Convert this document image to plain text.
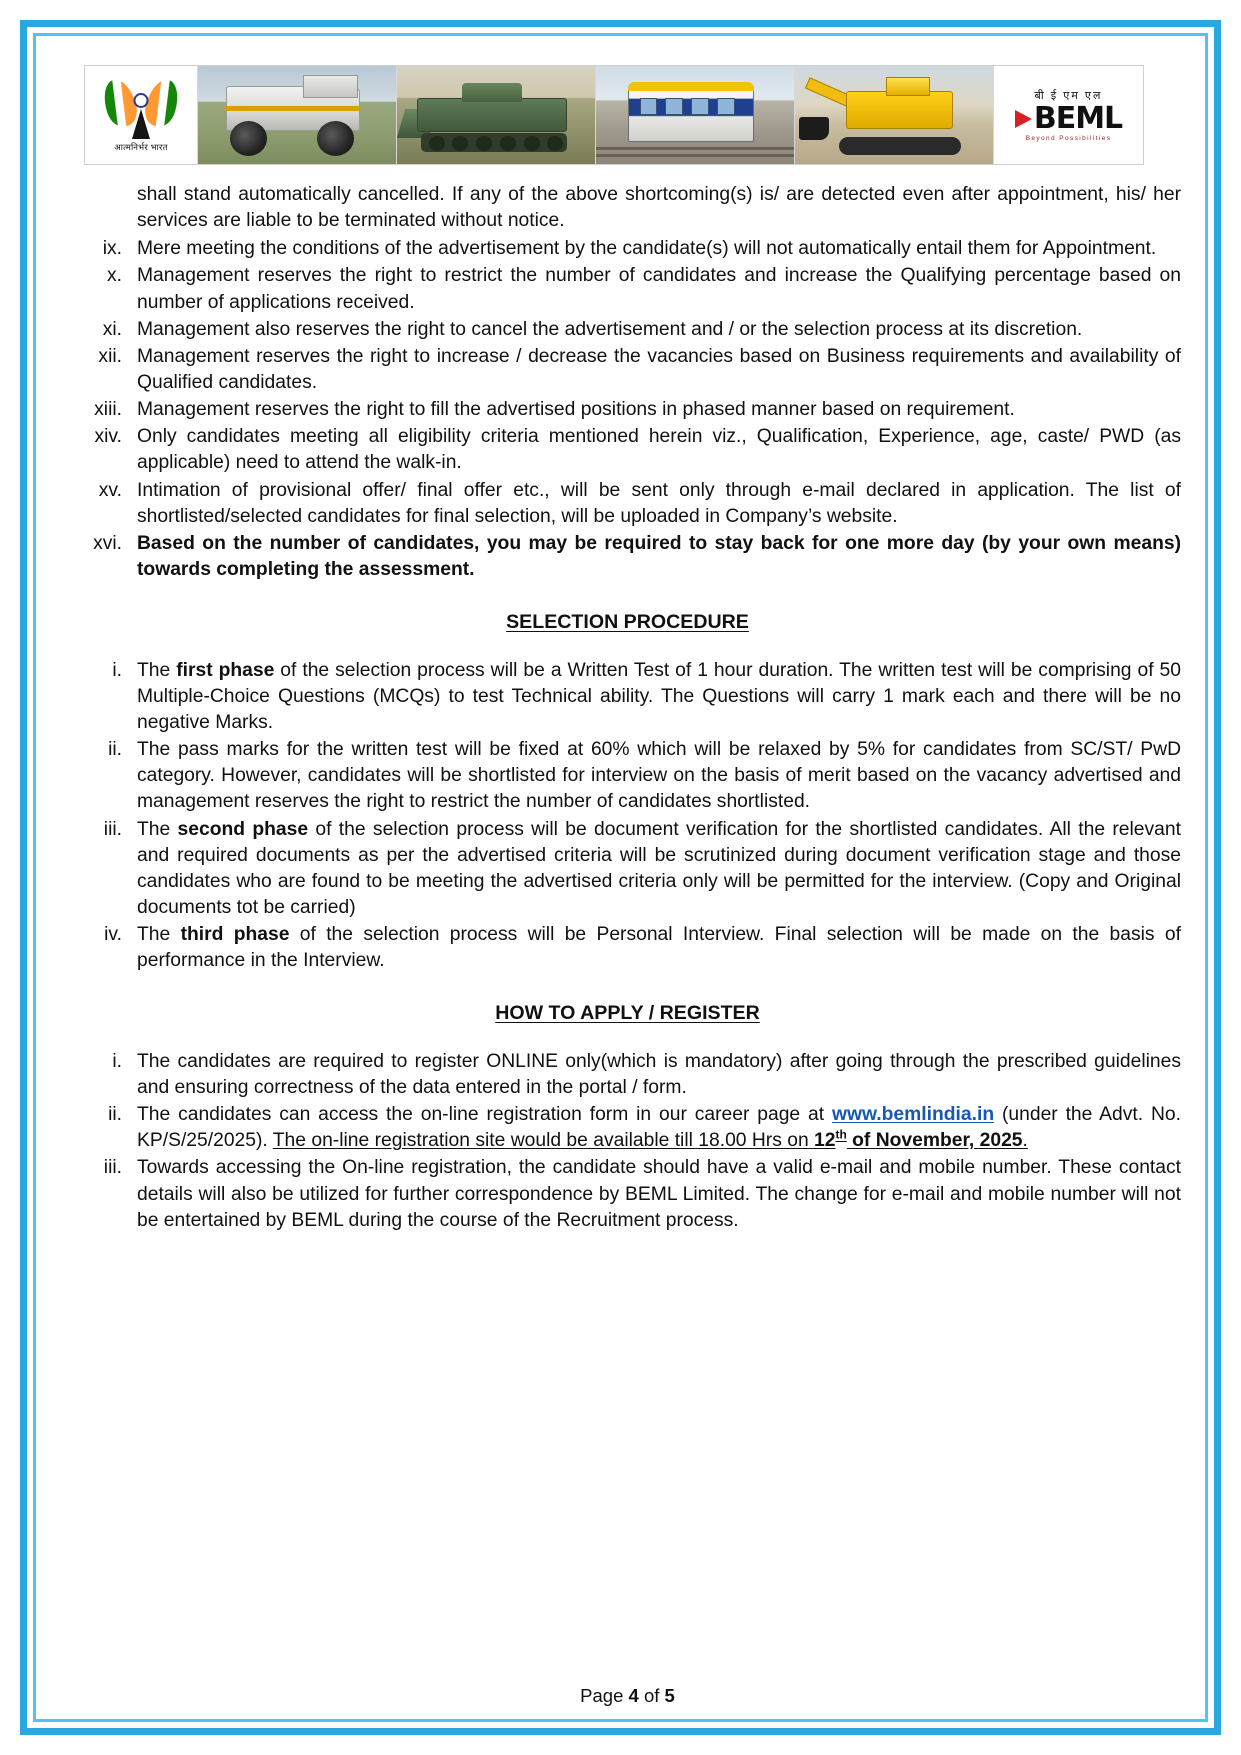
आत्मनिर्भर भारत
बी ई एम एल
BEML
Beyond Possibilities

shall stand automatically cancelled. If any of the above shortcoming(s) is/ are detected even after appointment, his/ her services are liable to be terminated without notice.

ix. Mere meeting the conditions of the advertisement by the candidate(s) will not automatically entail them for Appointment.
x. Management reserves the right to restrict the number of candidates and increase the Qualifying percentage based on number of applications received.
xi. Management also reserves the right to cancel the advertisement and / or the selection process at its discretion.
xii. Management reserves the right to increase / decrease the vacancies based on Business requirements and availability of Qualified candidates.
xiii. Management reserves the right to fill the advertised positions in phased manner based on requirement.
xiv. Only candidates meeting all eligibility criteria mentioned herein viz., Qualification, Experience, age, caste/ PWD (as applicable) need to attend the walk-in.
xv. Intimation of provisional offer/ final offer etc., will be sent only through e-mail declared in application. The list of shortlisted/selected candidates for final selection, will be uploaded in Company’s website.
xvi. Based on the number of candidates, you may be required to stay back for one more day (by your own means) towards completing the assessment.
SELECTION PROCEDURE
i. The first phase of the selection process will be a Written Test of 1 hour duration. The written test will be comprising of 50 Multiple-Choice Questions (MCQs) to test Technical ability. The Questions will carry 1 mark each and there will be no negative Marks.
ii. The pass marks for the written test will be fixed at 60% which will be relaxed by 5% for candidates from SC/ST/ PwD category. However, candidates will be shortlisted for interview on the basis of merit based on the vacancy advertised and management reserves the right to restrict the number of candidates shortlisted.
iii. The second phase of the selection process will be document verification for the shortlisted candidates. All the relevant and required documents as per the advertised criteria will be scrutinized during document verification stage and those candidates who are found to be meeting the advertised criteria only will be permitted for the interview. (Copy and Original documents tot be carried)
iv. The third phase of the selection process will be Personal Interview. Final selection will be made on the basis of performance in the Interview.
HOW TO APPLY / REGISTER
i. The candidates are required to register ONLINE only(which is mandatory) after going through the prescribed guidelines and ensuring correctness of the data entered in the portal / form.
ii. The candidates can access the on-line registration form in our career page at www.bemlindia.in (under the Advt. No. KP/S/25/2025). The on-line registration site would be available till 18.00 Hrs on 12th of November, 2025.
iii. Towards accessing the On-line registration, the candidate should have a valid e-mail and mobile number. These contact details will also be utilized for further correspondence by BEML Limited. The change for e-mail and mobile number will not be entertained by BEML during the course of the Recruitment process.
Page 4 of 5
